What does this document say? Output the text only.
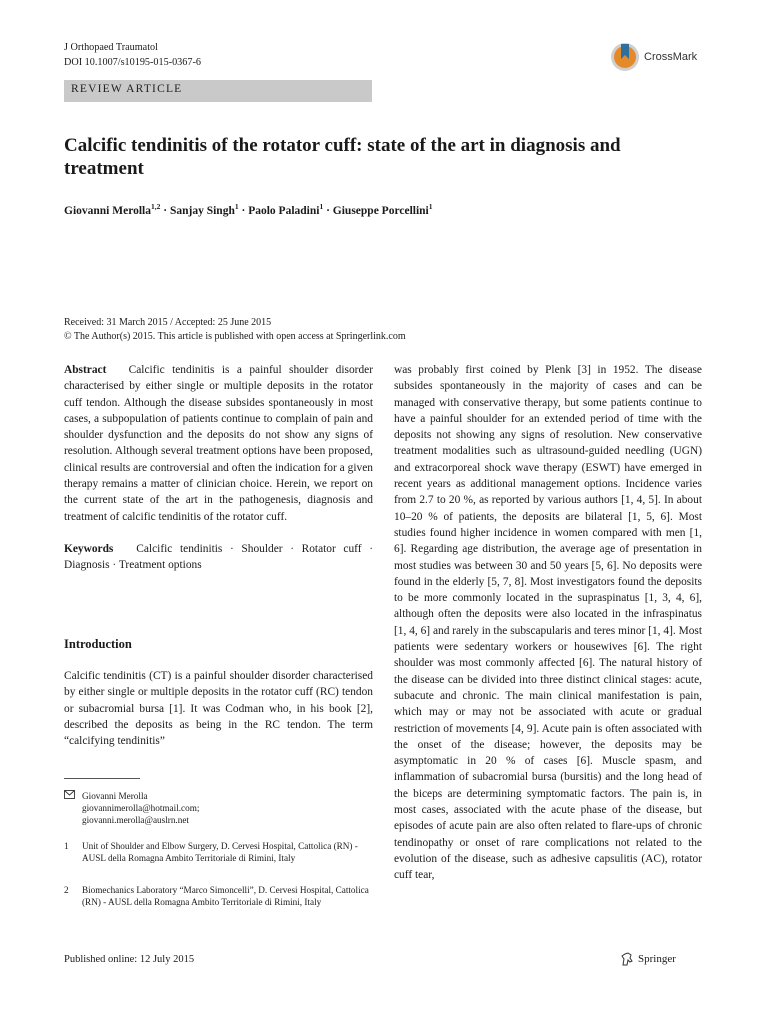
J Orthopaed Traumatol
DOI 10.1007/s10195-015-0367-6	CrossMark
REVIEW ARTICLE
Calcific tendinitis of the rotator cuff: state of the art in diagnosis and treatment
Giovanni Merolla$^{1,2}$ · Sanjay Singh$^1$ · Paolo Paladini$^1$ · Giuseppe Porcellini$^1$
Received: 31 March 2015 / Accepted: 25 June 2015
© The Author(s) 2015. This article is published with open access at Springerlink.com

Abstract Calcific tendinitis is a painful shoulder disorder characterised by either single or multiple deposits in the rotator cuff tendon. Although the disease subsides spontaneously in most cases, a subpopulation of patients continue to complain of pain and shoulder dysfunction and the deposits do not show any signs of resolution. Although several treatment options have been proposed, clinical results are controversial and often the indication for a given therapy remains a matter of clinician choice. Herein, we report on the current state of the art in the pathogenesis, diagnosis and treatment of calcific tendinitis of the rotator cuff.

Keywords Calcific tendinitis · Shoulder · Rotator cuff · Diagnosis · Treatment options

Introduction
Calcific tendinitis (CT) is a painful shoulder disorder characterised by either single or multiple deposits in the rotator cuff (RC) tendon or subacromial bursa [1]. It was Codman who, in his book [2], described the deposits as being in the RC tendon. The term “calcifying tendinitis”
was probably first coined by Plenk [3] in 1952. The disease subsides spontaneously in the majority of cases and can be managed with conservative therapy, but some patients continue to have a painful shoulder for an extended period of time with the deposits not showing any signs of resolution. New conservative treatment modalities such as ultrasound-guided needling (UGN) and extracorporeal shock wave therapy (ESWT) have emerged in recent years as additional management options. Incidence varies from 2.7 to 20 %, as reported by various authors [1, 4, 5]. In about 10–20 % of patients, the deposits are bilateral [1, 5, 6]. Most studies found higher incidence in women compared with men [1, 6]. Regarding age distribution, the average age of presentation in most studies was between 30 and 50 years [5, 6]. No deposits were found in the elderly [5, 7, 8]. Most investigators found the deposits to be more commonly located in the supraspinatus [1, 3, 4, 6], although often the deposits were also located in the infraspinatus [1, 4, 6] and rarely in the subscapularis and teres minor [1, 4]. Most patients were sedentary workers or housewives [6]. The right shoulder was most commonly affected [6]. The natural history of the disease can be divided into three distinct clinical stages: acute, subacute and chronic. The main clinical manifestation is pain, which may or may not be associated with acute or gradual restriction of movements [4, 9]. Acute pain is often associated with the onset of the disease; however, the deposits may be asymptomatic in 20 % of cases [6]. Muscle spasm, and inflammation of subacromial bursa (bursitis) and the long head of the biceps are determining symptomatic factors. The pain is, in most cases, associated with the acute phase of the disease, but episodes of acute pain are also often related to flare-ups of chronic tendinopathy or onset of rare complications not related to the evolution of the disease, such as adhesive capsulitis (AC), rotator cuff tear,
Giovanni Merolla
giovannimerolla@hotmail.com;
giovanni.merolla@auslrn.net
1 Unit of Shoulder and Elbow Surgery, D. Cervesi Hospital, Cattolica (RN) - AUSL della Romagna Ambito Territoriale di Rimini, Italy
2 Biomechanics Laboratory “Marco Simoncelli”, D. Cervesi Hospital, Cattolica (RN) - AUSL della Romagna Ambito Territoriale di Rimini, Italy
Published online: 12 July 2015	Springer
